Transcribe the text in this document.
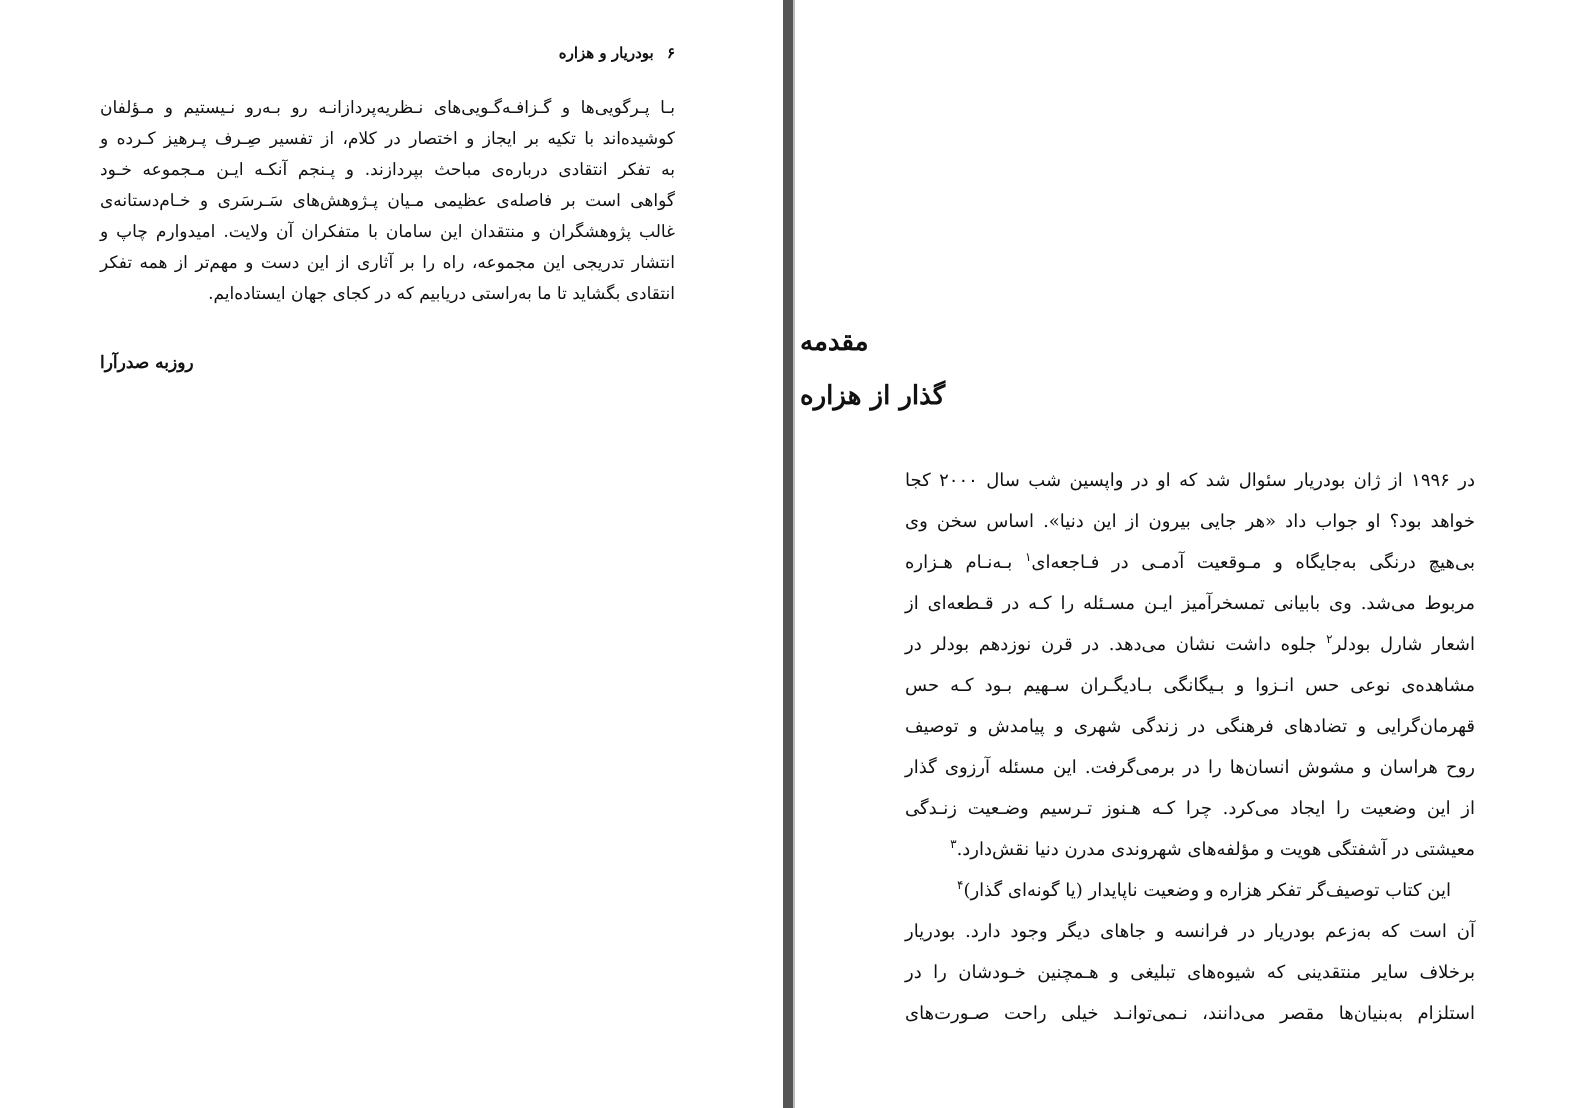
۶ بودریار و هزاره
بـا پـرگویی‌ها و گـزافـه‌گـویی‌های نـظریه‌پردازانـه رو بـه‌رو نـیستیم و مـؤلفان
کوشیده‌اند با تکیه بر ایجاز و اختصار در کلام، از تفسیر صِـرف پـرهیز کـرده و
به تفکر انتقادی درباره‌ی مباحث بپردازند. و پـنجم آنکـه ایـن مـجموعه خـود
گواهی است بر فاصله‌ی عظیمی مـیان پـژوهش‌های سَـرسَری و خـام‌دستانه‌ی
غالب پژوهشگران و منتقدان این سامان با متفکران آن ولایت. امیدوارم چاپ و
انتشار تدریجی این مجموعه، راه را بر آثاری از این دست و مهم‌تر از همه تفکر
انتقادی بگشاید تا ما به‌راستی دریابیم که در کجای جهان ایستاده‌ایم.
روزبه صدرآرا
مقدمه
گذار از هزاره
در ۱۹۹۶ از ژان بودریار سئوال شد که او در واپسین شب سال ۲۰۰۰ کجا
خواهد بود؟ او جواب داد «هر جایی بیرون از این دنیا». اساس سخن وی
بی‌هیچ درنگی به‌جایگاه و مـوقعیت آدمـی در فـاجعه‌ای$^۱$ بـه‌نـام هـزاره
مربوط می‌شد. وی بابیانی تمسخرآمیز ایـن مسـئله را کـه در قـطعه‌ای از
اشعار شارل بودلر$^۲$ جلوه داشت نشان می‌دهد. در قرن نوزدهم بودلر در
مشاهده‌ی نوعی حس انـزوا و بـیگانگی بـادیگـران سـهیم بـود کـه حس
قهرمان‌گرایی و تضادهای فرهنگی در زندگی شهری و پیامدش و توصیف
روح هراسان و مشوش انسان‌ها را در برمی‌گرفت. این مسئله آرزوی گذار
از این وضعیت را ایجاد می‌کرد. چرا کـه هـنوز تـرسیم وضـعیت زنـدگی
معیشتی در آشفتگی هویت و مؤلفه‌های شهروندی مدرن دنیا نقش‌دارد.$^۳$
این کتاب توصیف‌گر تفکر هزاره و وضعیت ناپایدار (یا گونه‌ای گذار)$^۴$
آن است که به‌زعم بودریار در فرانسه و جاهای دیگر وجود دارد. بودریار
برخلاف سایر منتقدینی که شیوه‌های تبلیغی و هـمچنین خـودشان را در
استلزام به‌بنیان‌ها مقصر می‌دانند، نـمی‌توانـد خیلی راحت صـورت‌های
